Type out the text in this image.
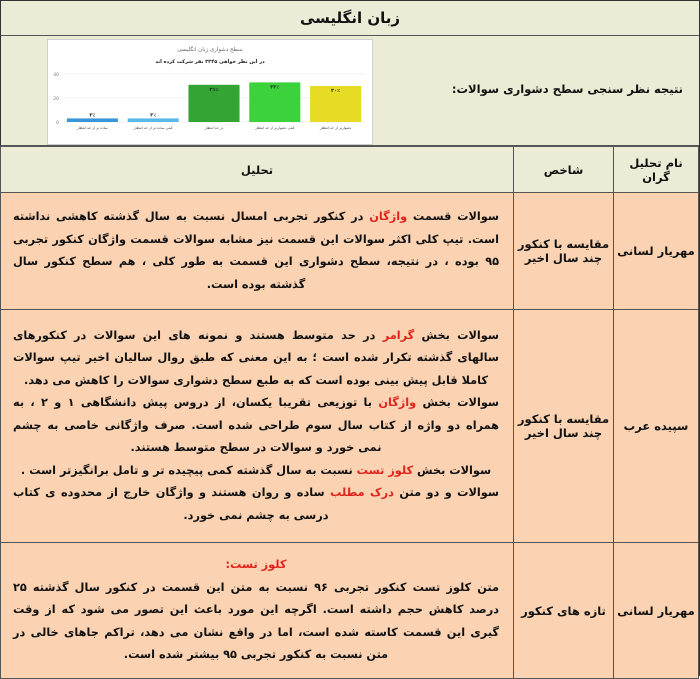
زبان انگلیسی
نتیجه نظر سنجی سطح دشواری سوالات:
سطح دشواری زبان انگلیسی
در این نظر خواهی ۳۳۴۵ نفر شرکت کرده اند
0
20
40
۳٪
ساده تر از حد انتظار
۳٪
کمی ساده تر از حد انتظار
۳۱٪
در حد انتظار
۳۳٪
کمی دشوارتر از حد انتظار
۳۰٪
دشوارتر از حد انتظار
نام تحلیل گران	شاخص	تحلیل
مهریار لسانی	مقایسه با کنکور چند سال اخیر	سوالات قسمت واژگان در کنکور تجربی امسال نسبت به سال گذشته کاهشی نداشته است. تیپ کلی اکثر سوالات این قسمت نیز مشابه سوالات قسمت واژگان کنکور تجربی ۹۵ بوده ، در نتیجه، سطح دشواری این قسمت به طور کلی ، هم سطح کنکور سال گذشته بوده است.
سپیده عرب	مقایسه با کنکور چند سال اخیر	سوالات بخش گرامر در حد متوسط هستند و نمونه های این سوالات در کنکورهای سالهای گذشته تکرار شده است ؛ به این معنی که طبق روال سالیان اخیر تیپ سوالات کاملا قابل پیش بینی بوده است که به طبع سطح دشواری سوالات را کاهش می دهد.
سوالات بخش واژگان با توزیعی تقریبا یکسان، از دروس پیش دانشگاهی ۱ و ۲ ، به همراه دو واژه از کتاب سال سوم طراحی شده است. صرف واژگانی خاصی به چشم نمی خورد و سوالات در سطح متوسط هستند.
سوالات بخش کلوز تست نسبت به سال گذشته کمی پیچیده تر و تامل برانگیزتر است .
سوالات و دو متن درک مطلب ساده و روان هستند و واژگان خارج از محدوده ی کتاب درسی به چشم نمی خورد.

مهریار لسانی	تازه های کنکور	کلوز تست:
متن کلوز تست کنکور تجربی ۹۶ نسبت به متن این قسمت در کنکور سال گذشته ۲۵ درصد کاهش حجم داشته است. اگرچه این مورد باعث این تصور می شود که از وقت گیری این قسمت کاسته شده است، اما در واقع نشان می دهد، تراکم جاهای خالی در متن نسبت به کنکور تجربی ۹۵ بیشتر شده است.
